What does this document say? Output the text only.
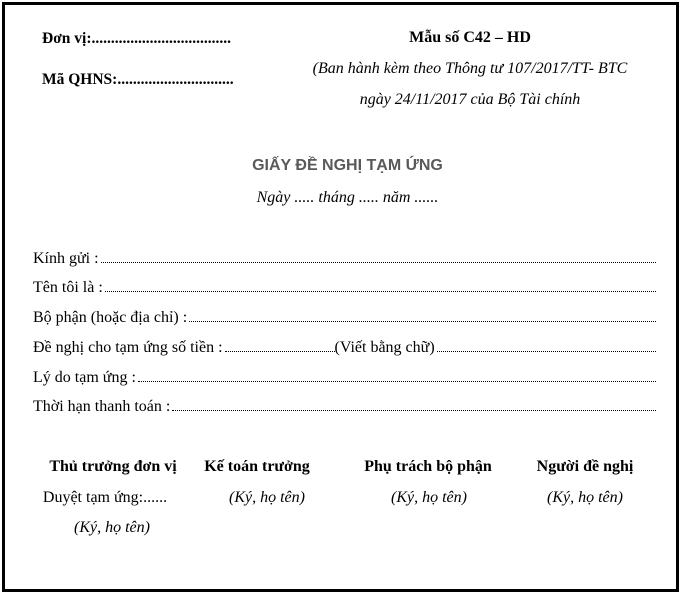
Đơn vị:....................................
Mã QHNS:..............................
Mẫu số C42 – HD
(Ban hành kèm theo Thông tư 107/2017/TT- BTC
ngày 24/11/2017 của Bộ Tài chính
GIẤY ĐỀ NGHỊ TẠM ỨNG
Ngày ..... tháng ..... năm ......
Kính gửi :
Tên tôi là :
Bộ phận (hoặc địa chỉ) :
Đề nghị cho tạm ứng số tiền :	(Viết bằng chữ)
Lý do tạm ứng :
Thời hạn thanh toán :
Thủ trưởng đơn vị
Duyệt tạm ứng:......
(Ký, họ tên)
Kế toán trưởng
(Ký, họ tên)
Phụ trách bộ phận
(Ký, họ tên)
Người đề nghị
(Ký, họ tên)
